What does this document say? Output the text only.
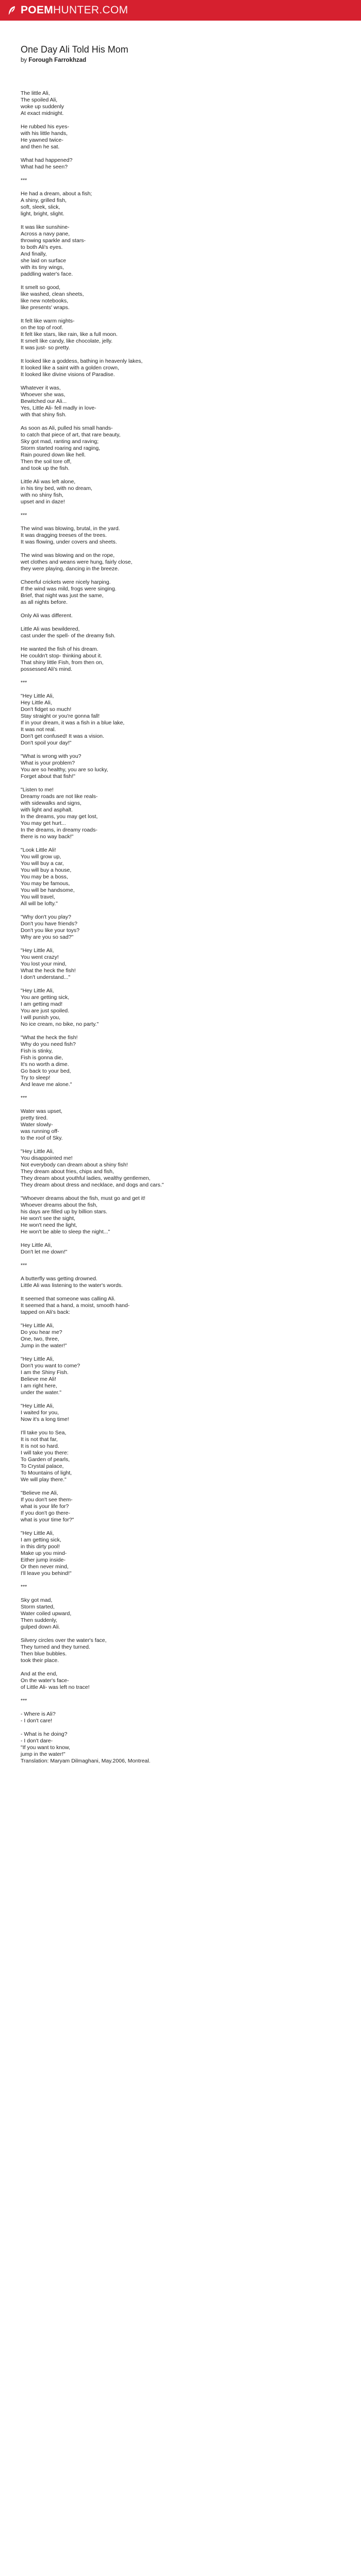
POEMHUNTER.COM
One Day Ali Told His Mom
by Forough Farrokhzad
The little Ali,
The spoiled Ali,
woke up suddenly
At exact midnight.
He rubbed his eyes-
with his little hands,
He yawned twice-
and then he sat.
What had happened?
What had he seen?
***
He had a dream, about a fish;
A shiny, grilled fish,
soft, sleek, slick,
light, bright, slight.
It was like sunshine-
Across a navy pane,
throwing sparkle and stars-
to both Ali's eyes.
And finally,
she laid on surface
with its tiny wings,
paddling water's face.
It smelt so good,
like washed, clean sheets,
like new notebooks,
like presents' wraps.
It felt like warm nights-
on the top of roof.
It felt like stars, like rain, like a full moon.
It smelt like candy, like chocolate, jelly.
It was just- so pretty.
It looked like a goddess, bathing in heavenly lakes,
It looked like a saint with a golden crown,
It looked like divine visions of Paradise.
Whatever it was,
Whoever she was,
Bewitched our Ali...
Yes, Little Ali- fell madly in love-
with that shiny fish.
As soon as Ali, pulled his small hands-
to catch that piece of art, that rare beauty,
Sky got mad, ranting and raving;
Storm started roaring and raging,
Rain poured down like hell.
Then the soil tore off,
and took up the fish.
Little Ali was left alone,
in his tiny bed, with no dream,
with no shiny fish,
upset and in daze!
***
The wind was blowing, brutal, in the yard.
It was dragging treeses of the trees.
It was flowing, under covers and sheets.
The wind was blowing and on the rope,
wet clothes and weans were hung, fairly close,
they were playing, dancing in the breeze.
Cheerful crickets were nicely harping.
If the wind was mild, frogs were singing.
Brief, that night was just the same,
as all nights before.
Only Ali was different.
Little Ali was bewildered,
cast under the spell- of the dreamy fish.
He wanted the fish of his dream.
He couldn't stop- thinking about it.
That shiny little Fish, from then on,
possessed Ali's mind.
***
"Hey Little Ali,
Hey Little Ali,
Don't fidget so much!
Stay straight or you're gonna fall!
If in your dream, it was a fish in a blue lake,
It was not real.
Don't get confused! It was a vision.
Don't spoil your day!"
"What is wrong with you?
What is your problem?
You are so healthy, you are so lucky,
Forget about that fish!"
"Listen to me!
Dreamy roads are not like reals-
with sidewalks and signs,
with light and asphalt.
In the dreams, you may get lost,
You may get hurt...
In the dreams, in dreamy roads-
there is no way back!"
"Look Little Ali!
You will grow up,
You will buy a car,
You will buy a house,
You may be a boss,
You may be famous,
You will be handsome,
You will travel,
All will be lofty."
"Why don't you play?
Don't you have friends?
Don't you like your toys?
Why are you so sad?"
"Hey Little Ali,
You went crazy!
You lost your mind,
What the heck the fish!
I don't understand..."
"Hey Little Ali,
You are getting sick,
I am getting mad!
You are just spoiled.
I will punish you,
No ice cream, no bike, no party."
"What the heck the fish!
Why do you need fish?
Fish is stinky,
Fish is gonna die,
It's no worth a dime.
Go back to your bed,
Try to sleep!
And leave me alone."
***
Water was upset,
pretty tired.
Water slowly-
was running off-
to the roof of Sky.
"Hey Little Ali,
You disappointed me!
Not everybody can dream about a shiny fish!
They dream about fries, chips and fish,
They dream about youthful ladies, wealthy gentlemen,
They dream about dress and necklace, and dogs and cars."
"Whoever dreams about the fish, must go and get it!
Whoever dreams about the fish,
his days are filled up by billion stars.
He won't see the sight,
He won't need the light,
He won't be able to sleep the night..."
Hey Little Ali,
Don't let me down!"
***
A butterfly was getting drowned.
Little Ali was listening to the water's words.
It seemed that someone was calling Ali.
It seemed that a hand, a moist, smooth hand-
tapped on Ali's back:
"Hey Little Ali,
Do you hear me?
One, two, three,
Jump in the water!"
"Hey Little Ali,
Don't you want to come?
I am the Shiny Fish.
Believe me Ali!
I am right here,
under the water."
"Hey Little Ali,
I waited for you,
Now it's a long time!
I'll take you to Sea,
It is not that far,
It is not so hard.
I will take you there:
To Garden of pearls,
To Crystal palace,
To Mountains of light,
We will play there."
"Believe me Ali,
If you don't see them-
what is your life for?
If you don't go there-
what is your time for?"
"Hey Little Ali,
I am getting sick,
in this dirty pool!
Make up you mind-
Either jump inside-
Or then never mind,
I'll leave you behind!"
***
Sky got mad,
Storm started,
Water coiled upward,
Then suddenly,
gulped down Ali.
Silvery circles over the water's face,
They turned and they turned.
Then blue bubbles.
took their place.
And at the end,
On the water's face-
of Little Ali- was left no trace!
***
- Where is Ali?
- I don't care!
- What is he doing?
- I don't dare-
"If you want to know,
jump in the water!"
Translation: Maryam Dilmaghani, May.2006, Montreal.
